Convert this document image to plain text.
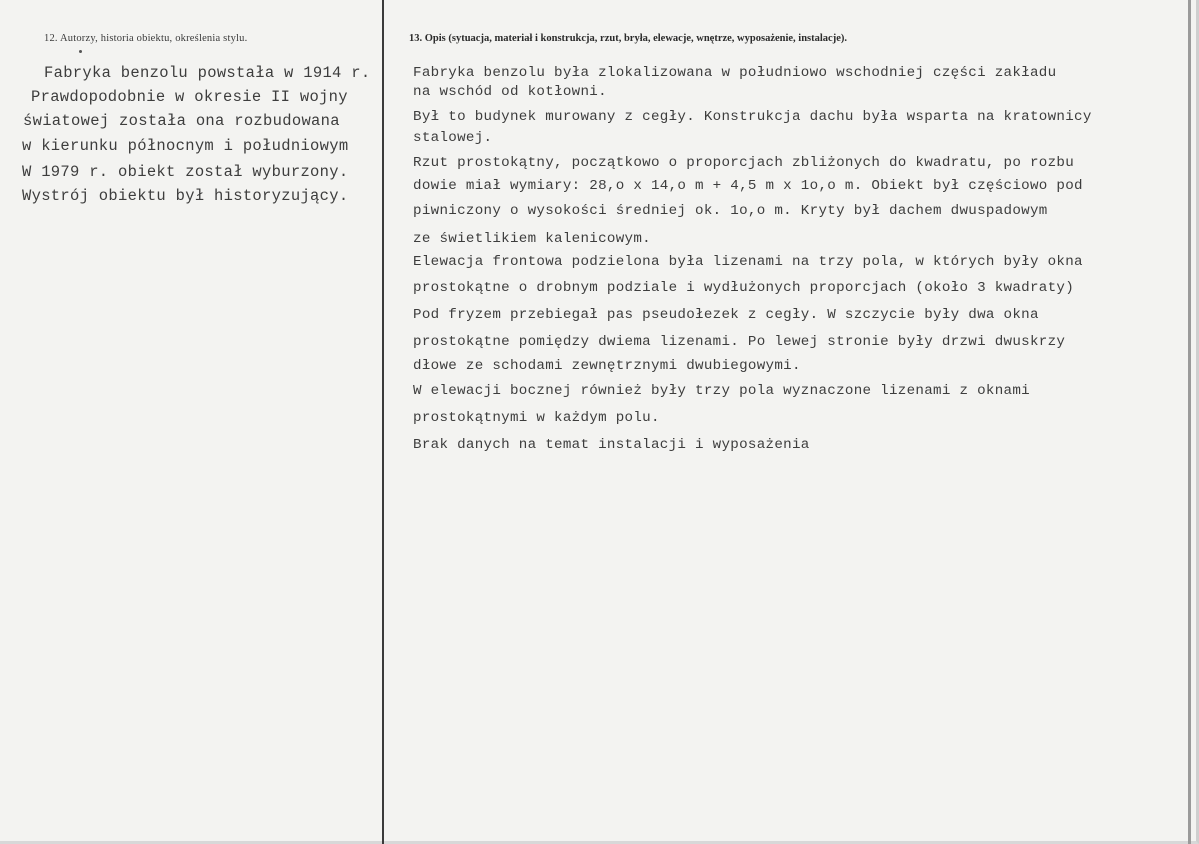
12. Autorzy, historia obiektu, określenia stylu.	13. Opis (sytuacja, materiał i konstrukcja, rzut, bryła, elewacje, wnętrze, wyposażenie, instalacje).
Fabryka benzolu powstała w 1914 r.
Prawdopodobnie w okresie II wojny
światowej została ona rozbudowana
w kierunku północnym i południowym
W 1979 r. obiekt został wyburzony.
Wystrój obiektu był historyzujący.
Fabryka benzolu była zlokalizowana w południowo wschodniej części zakładu
na wschód od kotłowni.
Był to budynek murowany z cegły. Konstrukcja dachu była wsparta na kratownicy
stalowej.
Rzut prostokątny, początkowo o proporcjach zbliżonych do kwadratu, po rozbu
dowie miał wymiary: 28,o x 14,o m + 4,5 m x 1o,o m. Obiekt był częściowo pod
piwniczony o wysokości średniej ok. 1o,o m. Kryty był dachem dwuspadowym
ze świetlikiem kalenicowym.
Elewacja frontowa podzielona była lizenami na trzy pola, w których były okna
prostokątne o drobnym podziale i wydłużonych proporcjach (około 3 kwadraty)
Pod fryzem przebiegał pas pseudołezek z cegły. W szczycie były dwa okna
prostokątne pomiędzy dwiema lizenami. Po lewej stronie były drzwi dwuskrzy
dłowe ze schodami zewnętrznymi dwubiegowymi.
W elewacji bocznej również były trzy pola wyznaczone lizenami z oknami
prostokątnymi w każdym polu.
Brak danych na temat instalacji i wyposażenia
